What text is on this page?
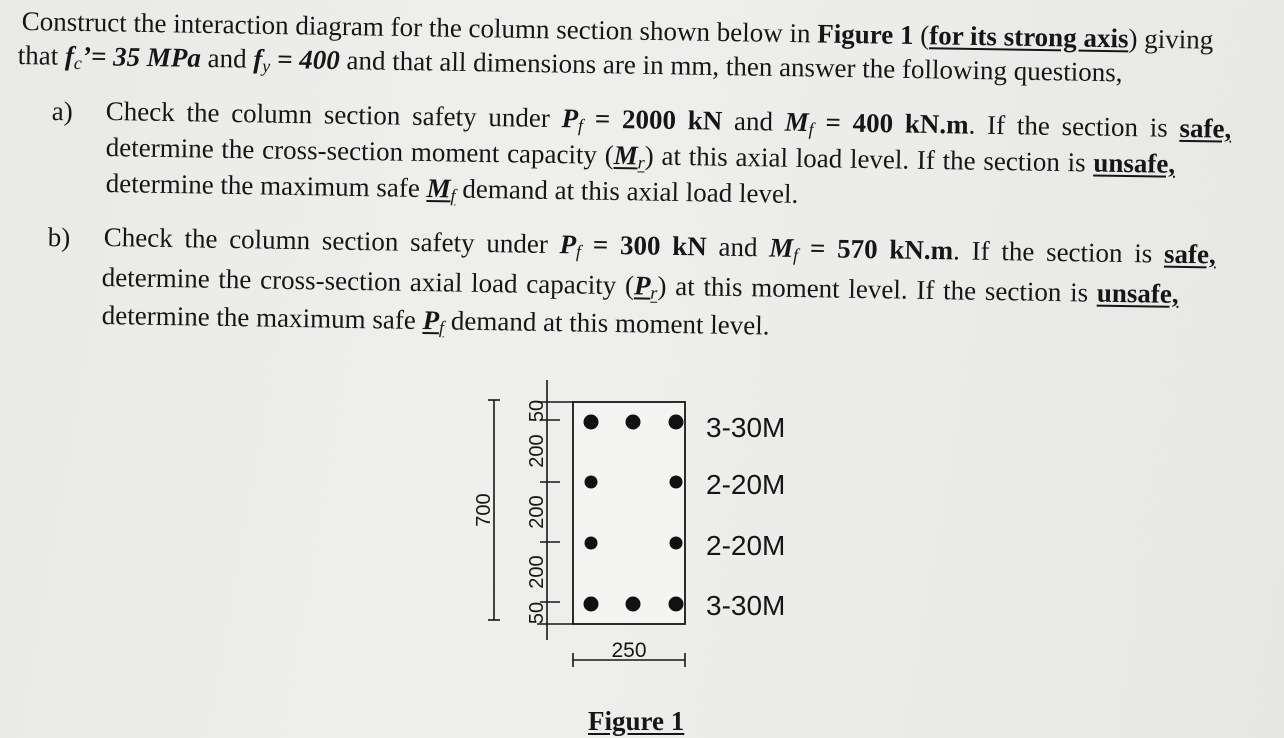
Construct the interaction diagram for the column section shown below in Figure 1 (for its strong axis) giving
that $f_c’= 35$ MPa and $f_y = 400$ and that all dimensions are in mm, then answer the following questions,
a) Check the column section safety under $P_f = 2000$ kN and $M_f = 400$ kN.m. If the section is safe,
determine the cross-section moment capacity $(M_r)$ at this axial load level. If the section is unsafe,
determine the maximum safe $M_f$ demand at this axial load level.
b) Check the column section safety under $P_f = 300$ kN and $M_f = 570$ kN.m. If the section is safe,
determine the cross-section axial load capacity $(P_r)$ at this moment level. If the section is unsafe,
determine the maximum safe $P_f$ demand at this moment level.
700
50
200
200
200
50
3-30M
2-20M
2-20M
3-30M
250
Figure 1
